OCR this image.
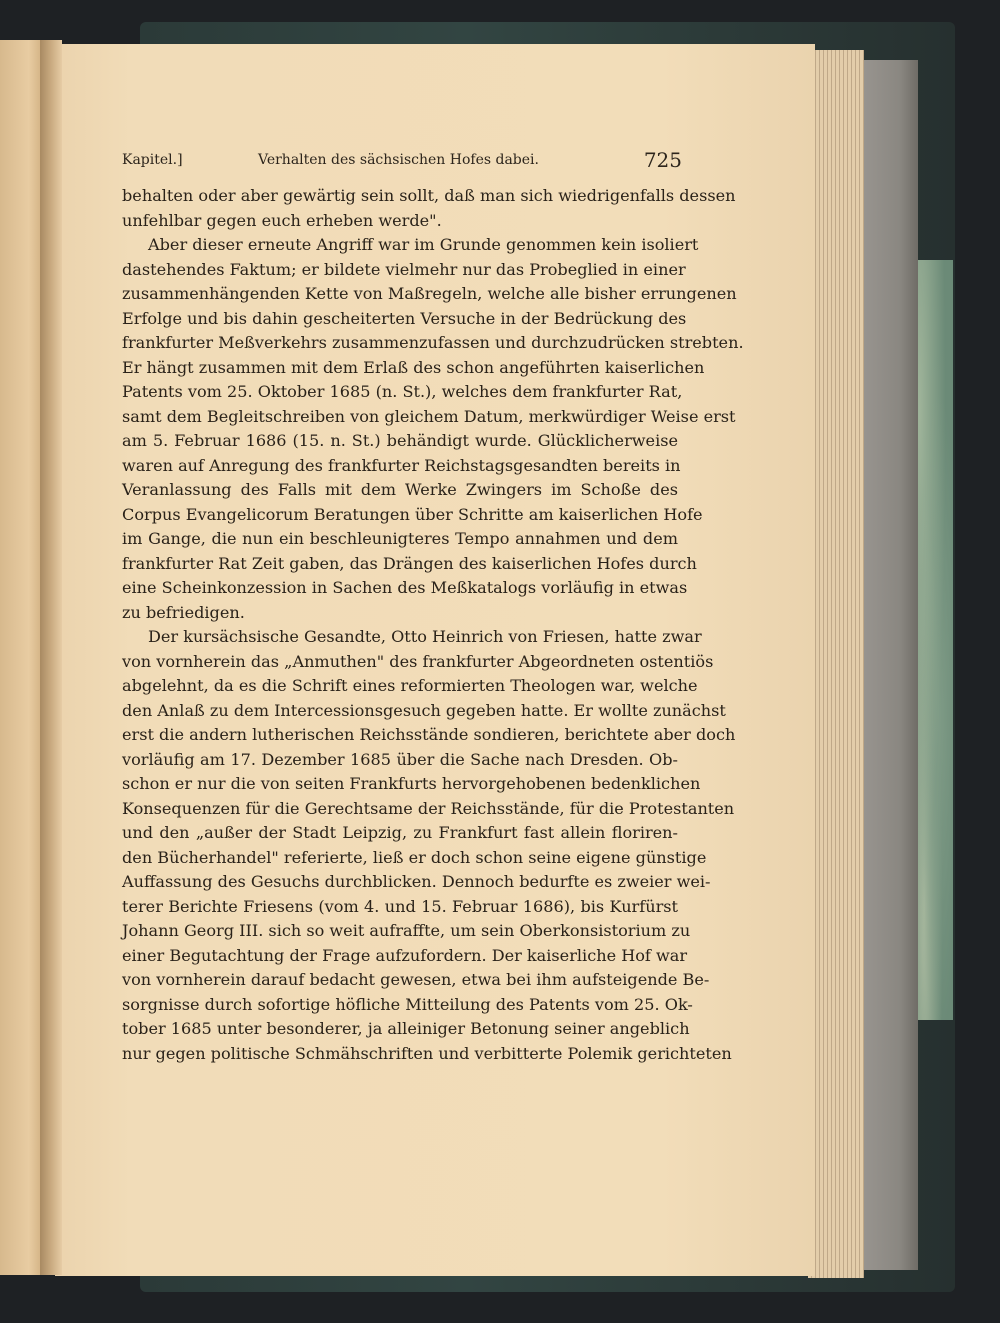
Kapitel.]	Verhalten des sächsischen Hofes dabei.	725
behalten oder aber gewärtig sein sollt, daß man sich wiedrigenfalls dessen
unfehlbar gegen euch erheben werde".
Aber dieser erneute Angriff war im Grunde genommen kein isoliert
dastehendes Faktum; er bildete vielmehr nur das Probeglied in einer
zusammenhängenden Kette von Maßregeln, welche alle bisher errungenen
Erfolge und bis dahin gescheiterten Versuche in der Bedrückung des
frankfurter Meßverkehrs zusammenzufassen und durchzudrücken strebten.
Er hängt zusammen mit dem Erlaß des schon angeführten kaiserlichen
Patents vom 25. Oktober 1685 (n. St.), welches dem frankfurter Rat,
samt dem Begleitschreiben von gleichem Datum, merkwürdiger Weise erst
am 5. Februar 1686 (15. n. St.) behändigt wurde. Glücklicherweise
waren auf Anregung des frankfurter Reichstagsgesandten bereits in
Veranlassung des Falls mit dem Werke Zwingers im Schoße des
Corpus Evangelicorum Beratungen über Schritte am kaiserlichen Hofe
im Gange, die nun ein beschleunigteres Tempo annahmen und dem
frankfurter Rat Zeit gaben, das Drängen des kaiserlichen Hofes durch
eine Scheinkonzession in Sachen des Meßkatalogs vorläufig in etwas
zu befriedigen.
Der kursächsische Gesandte, Otto Heinrich von Friesen, hatte zwar
von vornherein das „Anmuthen" des frankfurter Abgeordneten ostentiös
abgelehnt, da es die Schrift eines reformierten Theologen war, welche
den Anlaß zu dem Intercessionsgesuch gegeben hatte. Er wollte zunächst
erst die andern lutherischen Reichsstände sondieren, berichtete aber doch
vorläufig am 17. Dezember 1685 über die Sache nach Dresden. Ob-
schon er nur die von seiten Frankfurts hervorgehobenen bedenklichen
Konsequenzen für die Gerechtsame der Reichsstände, für die Protestanten
und den „außer der Stadt Leipzig, zu Frankfurt fast allein floriren-
den Bücherhandel" referierte, ließ er doch schon seine eigene günstige
Auffassung des Gesuchs durchblicken. Dennoch bedurfte es zweier wei-
terer Berichte Friesens (vom 4. und 15. Februar 1686), bis Kurfürst
Johann Georg III. sich so weit aufraffte, um sein Oberkonsistorium zu
einer Begutachtung der Frage aufzufordern. Der kaiserliche Hof war
von vornherein darauf bedacht gewesen, etwa bei ihm aufsteigende Be-
sorgnisse durch sofortige höfliche Mitteilung des Patents vom 25. Ok-
tober 1685 unter besonderer, ja alleiniger Betonung seiner angeblich
nur gegen politische Schmähschriften und verbitterte Polemik gerichteten
